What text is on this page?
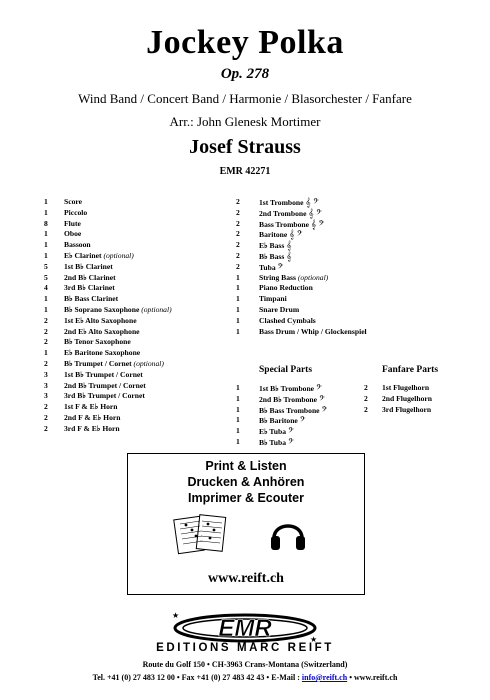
Jockey Polka
Op. 278
Wind Band / Concert Band / Harmonie / Blasorchester / Fanfare
Arr.: John Glenesk Mortimer
Josef Strauss
EMR 42271
1	Score
1	Piccolo
8	Flute
1	Oboe
1	Bassoon
1	E♭ Clarinet (optional)
5	1st B♭ Clarinet
5	2nd B♭ Clarinet
4	3rd B♭ Clarinet
1	B♭ Bass Clarinet
1	B♭ Soprano Saxophone (optional)
2	1st E♭ Alto Saxophone
2	2nd E♭ Alto Saxophone
2	B♭ Tenor Saxophone
1	E♭ Baritone Saxophone
2	B♭ Trumpet / Cornet (optional)
3	1st B♭ Trumpet / Cornet
3	2nd B♭ Trumpet / Cornet
3	3rd B♭ Trumpet / Cornet
2	1st F & E♭ Horn
2	2nd F & E♭ Horn
2	3rd F & E♭ Horn
2	1st Trombone 𝄞 𝄢
2	2nd Trombone 𝄞 𝄢
2	Bass Trombone 𝄞 𝄢
2	Baritone 𝄞 𝄢
2	E♭ Bass 𝄞
2	B♭ Bass 𝄞
2	Tuba 𝄢
1	String Bass (optional)
1	Piano Reduction
1	Timpani
1	Snare Drum
1	Clashed Cymbals
1	Bass Drum / Whip / Glockenspiel
Special Parts
1	1st B♭ Trombone 𝄢
1	2nd B♭ Trombone 𝄢
1	B♭ Bass Trombone 𝄢
1	B♭ Baritone 𝄢
1	E♭ Tuba 𝄢
1	B♭ Tuba 𝄢
Fanfare Parts
2	1st Flugelhorn
2	2nd Flugelhorn
2	3rd Flugelhorn
Print & Listen
Drucken & Anhören
Imprimer & Ecouter
www.reift.ch
EMR
★
★
EDITIONS MARC REIFT
Route du Golf 150 • CH-3963 Crans-Montana (Switzerland)
Tel. +41 (0) 27 483 12 00 • Fax +41 (0) 27 483 42 43 • E-Mail : info@reift.ch • www.reift.ch
